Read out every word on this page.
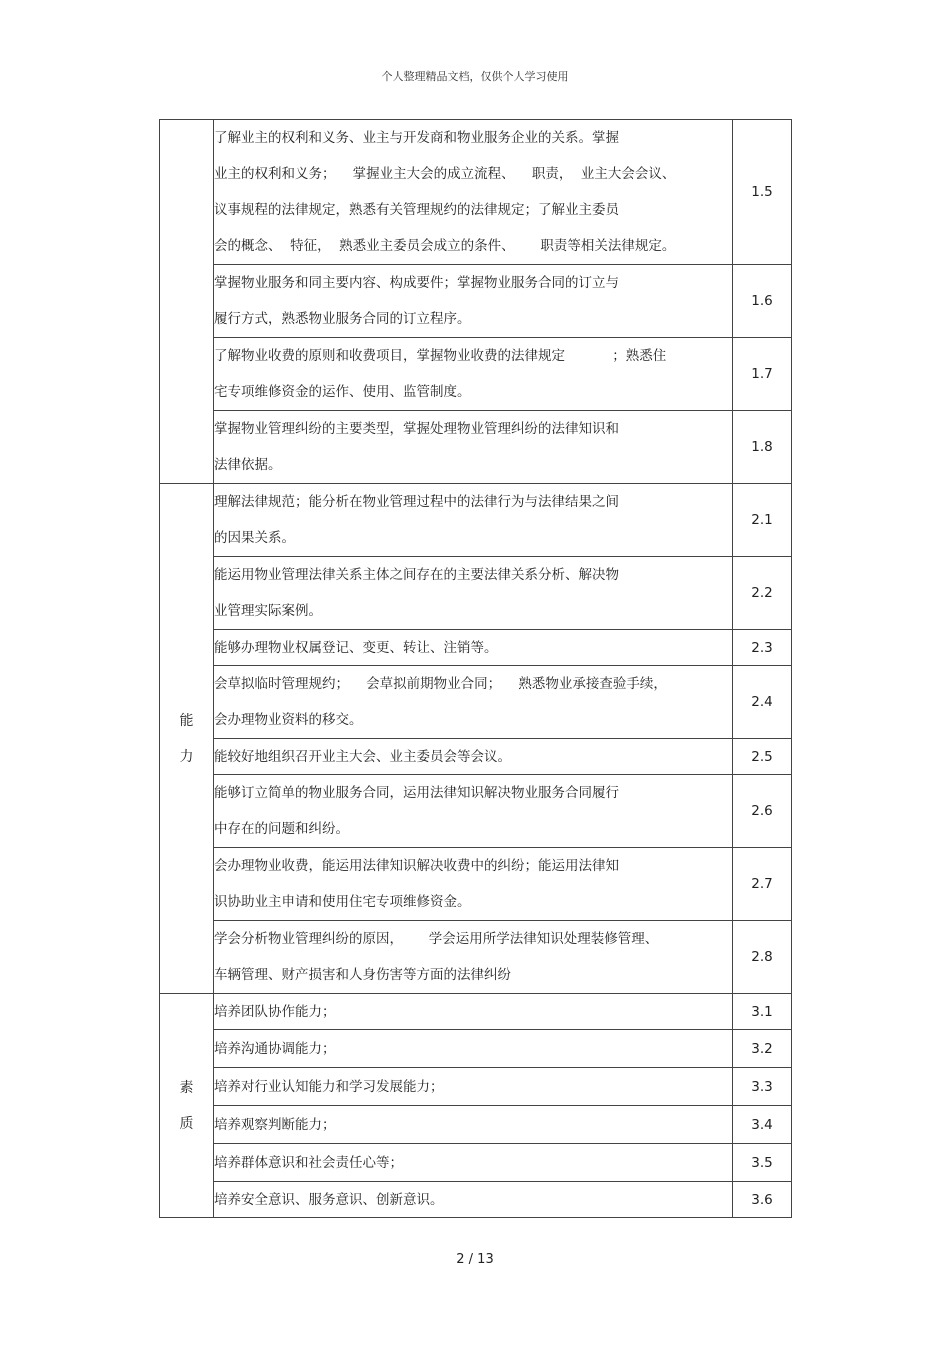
个人整理精品文档，仅供个人学习使用

	了解业主的权利和义务、业主与开发商和物业服务企业的关系。掌握
业主的权利和义务；    掌握业主大会的成立流程、    职责，  业主大会会议、
议事规程的法律规定，熟悉有关管理规约的法律规定；了解业主委员
会的概念、  特征，  熟悉业主委员会成立的条件、      职责等相关法律规定。	1.5

	掌握物业服务和同主要内容、构成要件；掌握物业服务合同的订立与
履行方式，熟悉物业服务合同的订立程序。	1.6

	了解物业收费的原则和收费项目，掌握物业收费的法律规定           ；熟悉住
宅专项维修资金的运作、使用、监管制度。	1.7

	掌握物业管理纠纷的主要类型，掌握处理物业管理纠纷的法律知识和
法律依据。	1.8

能
力	理解法律规范；能分析在物业管理过程中的法律行为与法律结果之间
的因果关系。	2.1

	能运用物业管理法律关系主体之间存在的主要法律关系分析、解决物
业管理实际案例。	2.2

	能够办理物业权属登记、变更、转让、注销等。	2.3

	会草拟临时管理规约；    会草拟前期物业合同；    熟悉物业承接查验手续，
会办理物业资料的移交。	2.4

	能较好地组织召开业主大会、业主委员会等会议。	2.5

	能够订立简单的物业服务合同，运用法律知识解决物业服务合同履行
中存在的问题和纠纷。	2.6

	会办理物业收费，能运用法律知识解决收费中的纠纷；能运用法律知
识协助业主申请和使用住宅专项维修资金。	2.7

	学会分析物业管理纠纷的原因，      学会运用所学法律知识处理装修管理、
车辆管理、财产损害和人身伤害等方面的法律纠纷	2.8

素
质	培养团队协作能力；	3.1

	培养沟通协调能力；	3.2

	培养对行业认知能力和学习发展能力；	3.3

	培养观察判断能力；	3.4

	培养群体意识和社会责任心等；	3.5

	培养安全意识、服务意识、创新意识。	3.6
2 / 13
